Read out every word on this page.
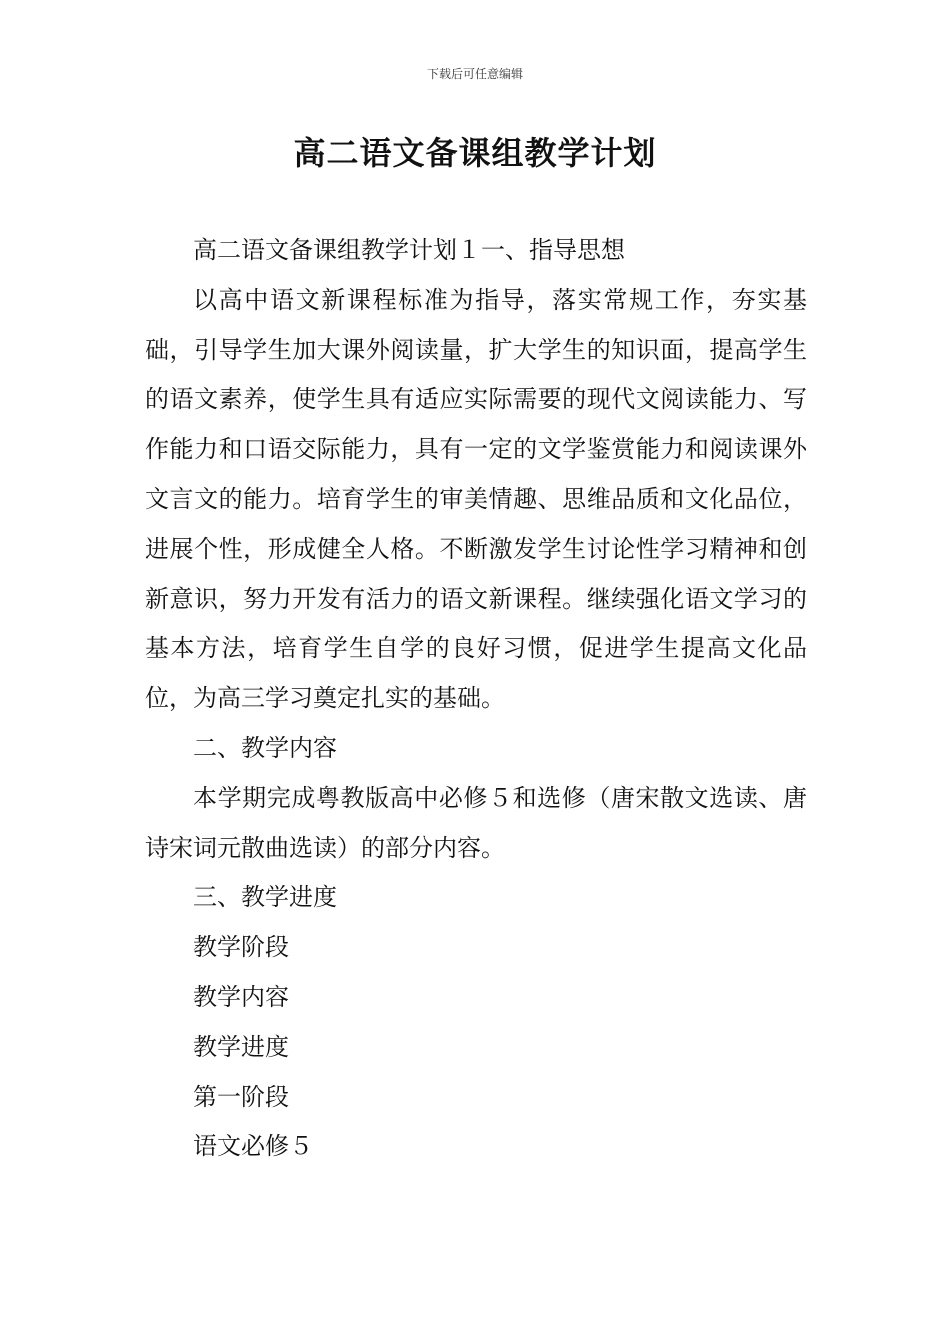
下载后可任意编辑
高二语文备课组教学计划

高二语文备课组教学计划１一、指导思想

以高中语文新课程标准为指导，落实常规工作，夯实基础，引导学生加大课外阅读量，扩大学生的知识面，提高学生的语文素养，使学生具有适应实际需要的现代文阅读能力、写作能力和口语交际能力，具有一定的文学鉴赏能力和阅读课外文言文的能力。培育学生的审美情趣、思维品质和文化品位，进展个性，形成健全人格。不断激发学生讨论性学习精神和创新意识，努力开发有活力的语文新课程。继续强化语文学习的基本方法，培育学生自学的良好习惯，促进学生提高文化品位，为高三学习奠定扎实的基础。

二、教学内容

本学期完成粤教版高中必修５和选修（唐宋散文选读、唐诗宋词元散曲选读）的部分内容。

三、教学进度

教学阶段

教学内容

教学进度

第一阶段

语文必修５
